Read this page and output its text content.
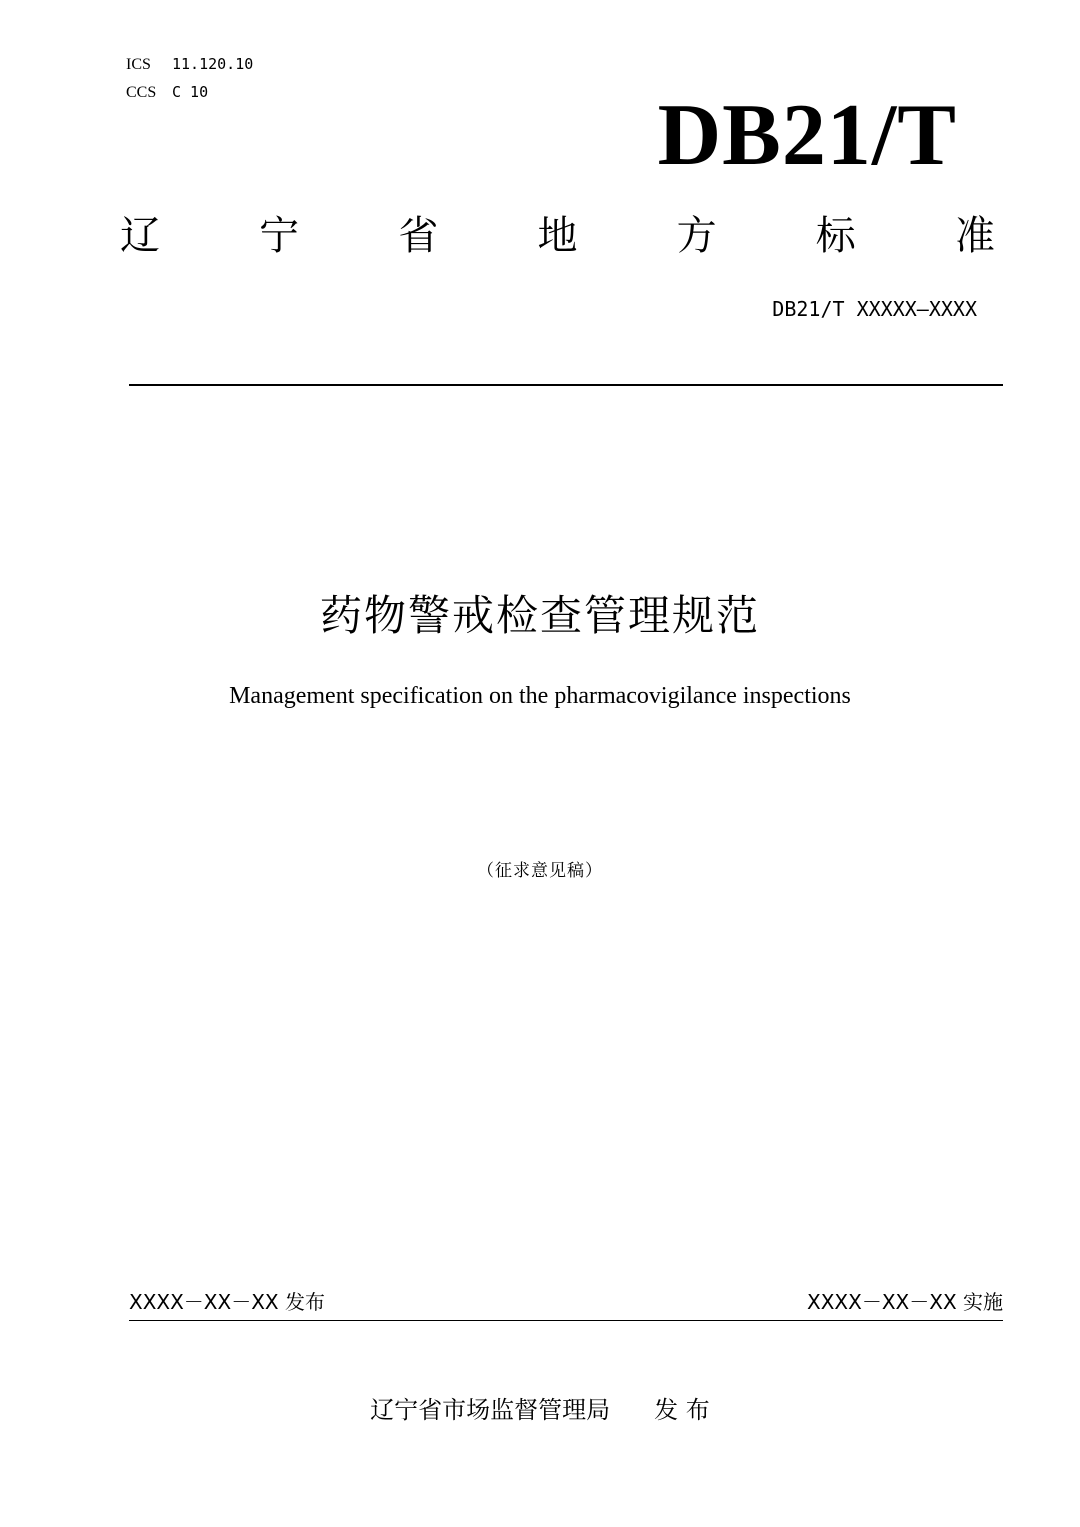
ICS 11.120.10
CCS C 10	DB21/T
辽 宁 省 地 方 标 准
DB21/T XXXXX—XXXX
药物警戒检查管理规范
Management specification on the pharmacovigilance inspections
（征求意见稿）
XXXX－XX－XX 发布	XXXX－XX－XX 实施
辽宁省市场监督管理局 发 布
